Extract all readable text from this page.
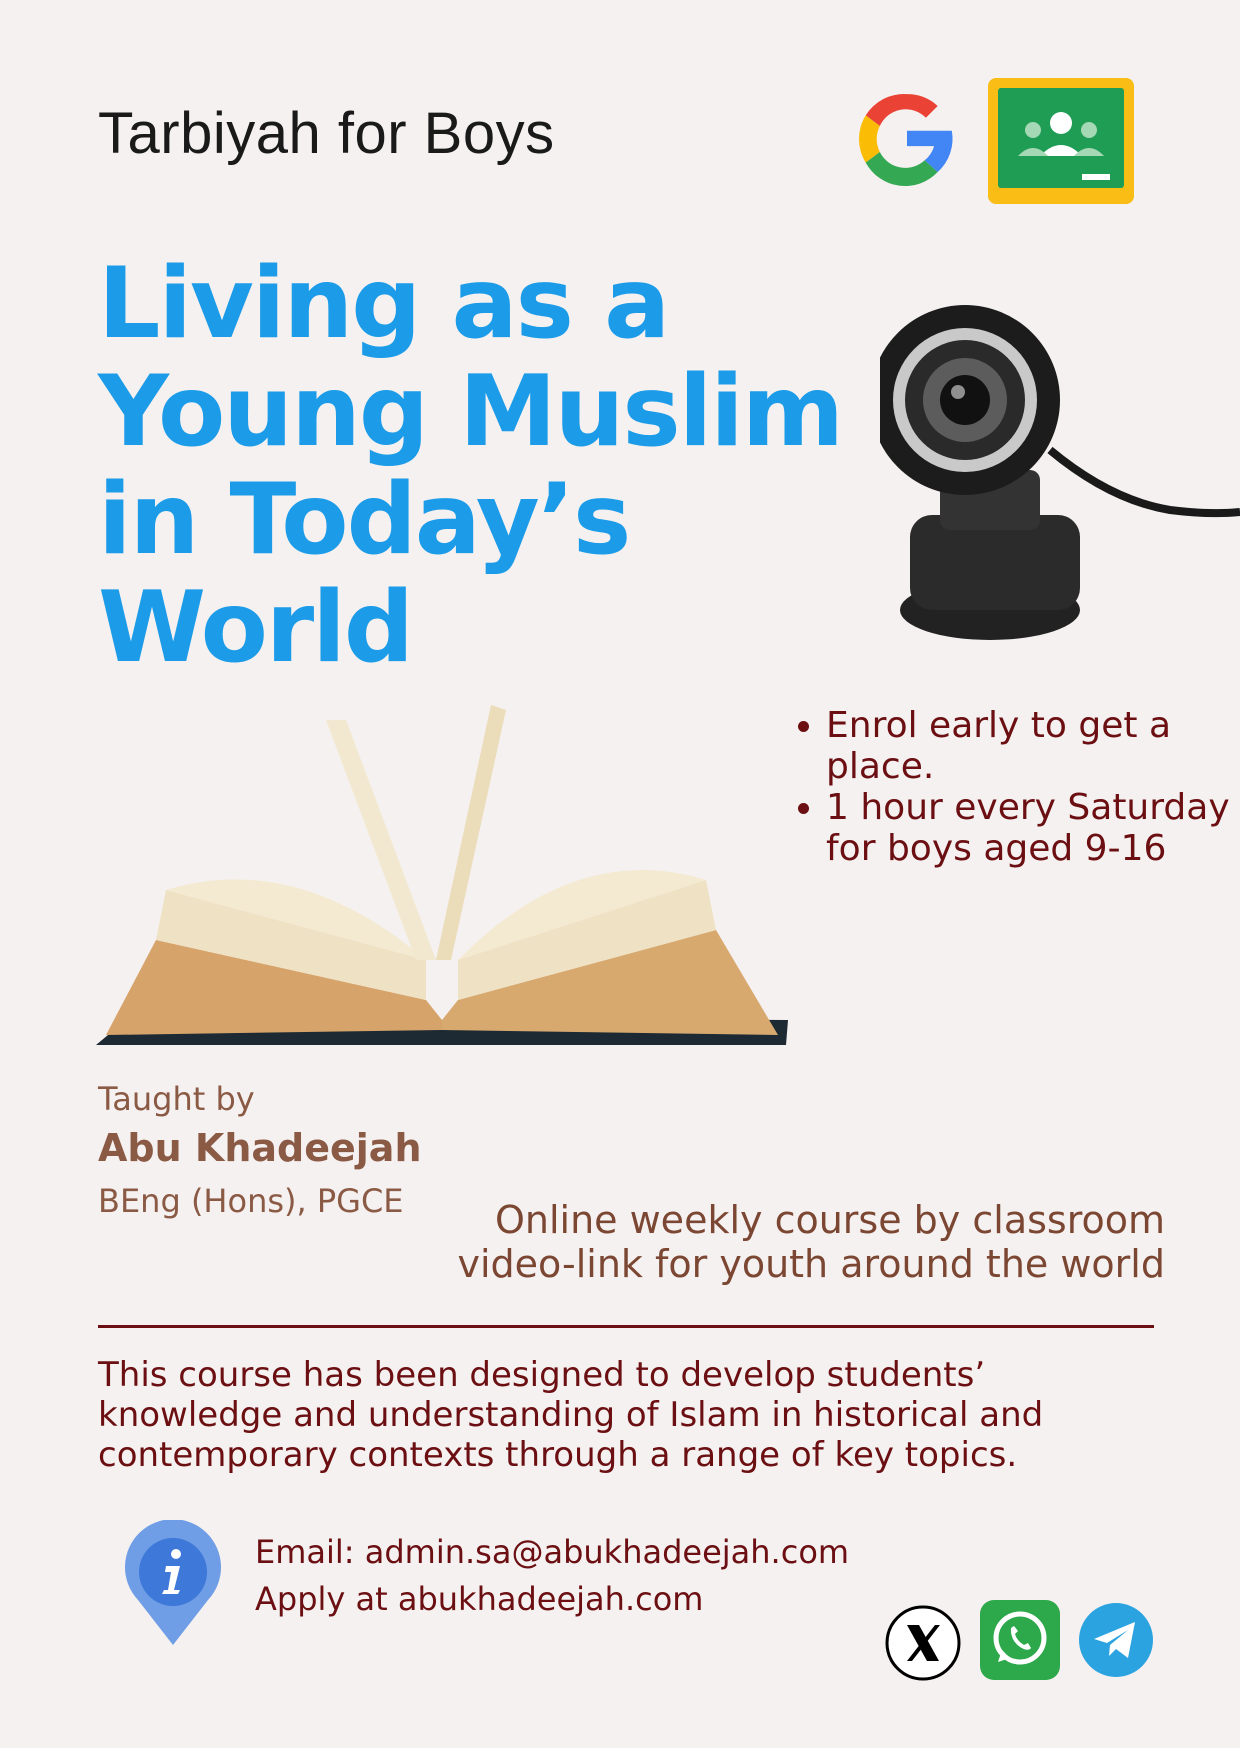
Tarbiyah for Boys
Living as a
Young Muslim
in Today’s
World
• Enrol early to get a place.
• 1 hour every Saturday for boys aged 9-16
Taught by
Abu Khadeejah
BEng (Hons), PGCE	Online weekly course by classroom
video-link for youth around the world
This course has been designed to develop students’
knowledge and understanding of Islam in historical and
contemporary contexts through a range of key topics.
Email: admin.sa@abukhadeejah.com
Apply at abukhadeejah.com
